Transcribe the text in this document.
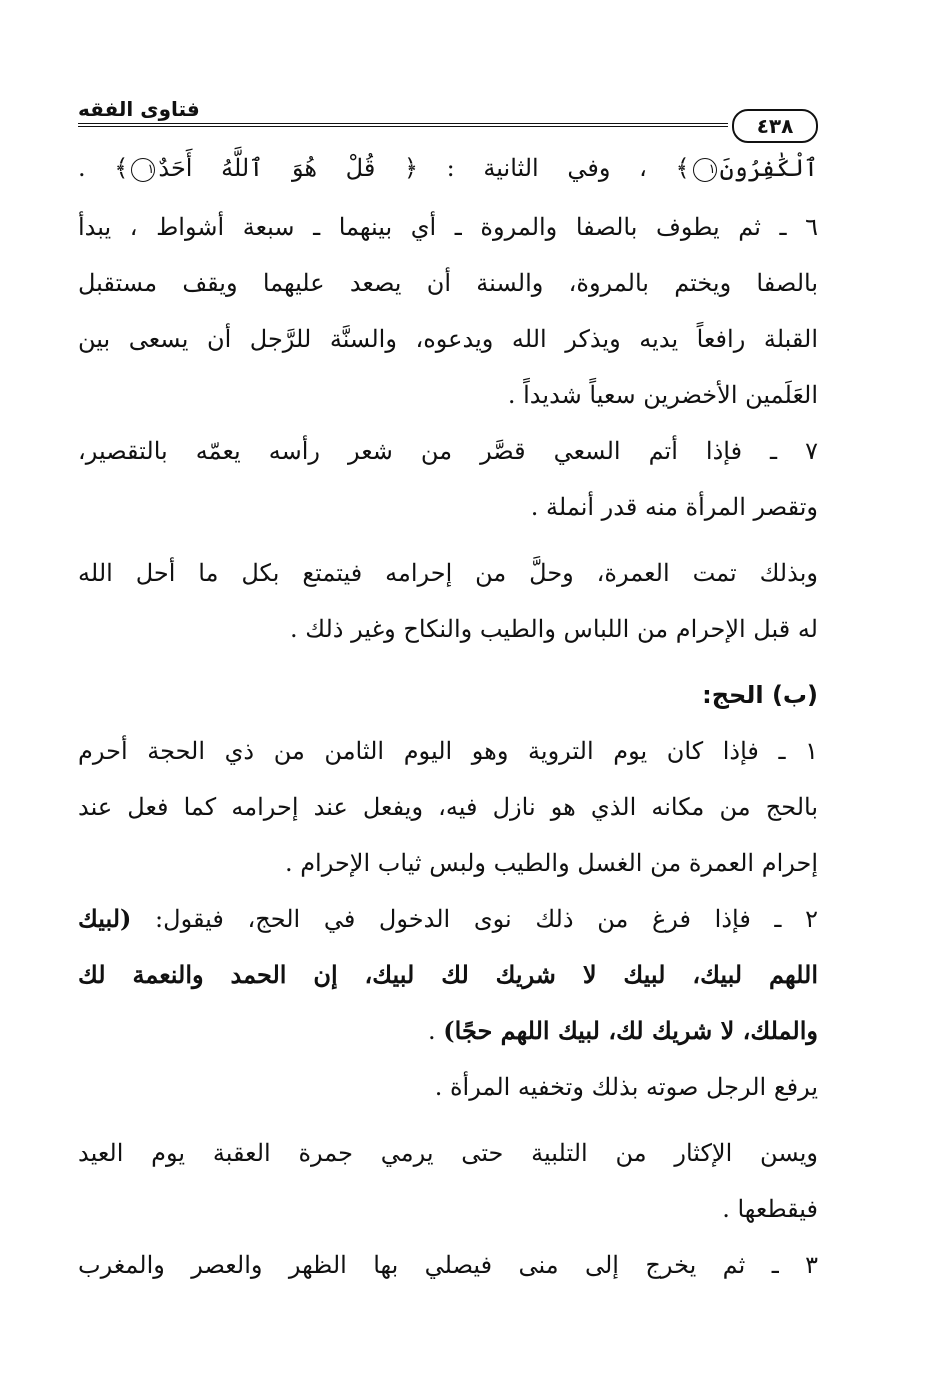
٤٣٨
فتاوى الفقه
ٱلْكَٰفِرُونَ١﴾ ، وفي الثانية : ﴿ قُلْ هُوَ ٱللَّهُ أَحَدٌ١﴾ .
٦ ـ ثم يطوف بالصفا والمروة ـ أي بينهما ـ سبعة أشواط ، يبدأ
بالصفا ويختم بالمروة، والسنة أن يصعد عليهما ويقف مستقبل
القبلة رافعاً يديه ويذكر الله ويدعوه، والسنَّة للرَّجل أن يسعى بين
العَلَمين الأخضرين سعياً شديداً .
٧ ـ فإذا أتم السعي قصَّر من شعر رأسه يعمّه بالتقصير،
وتقصر المرأة منه قدر أنملة .
وبذلك تمت العمرة، وحلَّ من إحرامه فيتمتع بكل ما أحل الله
له قبل الإحرام من اللباس والطيب والنكاح وغير ذلك .
(ب) الحج:
١ ـ فإذا كان يوم التروية وهو اليوم الثامن من ذي الحجة أحرم
بالحج من مكانه الذي هو نازل فيه، ويفعل عند إحرامه كما فعل عند
إحرام العمرة من الغسل والطيب ولبس ثياب الإحرام .
٢ ـ فإذا فرغ من ذلك نوى الدخول في الحج، فيقول: (لبيك
اللهم لبيك، لبيك لا شريك لك لبيك، إن الحمد والنعمة لك
والملك، لا شريك لك، لبيك اللهم حجًا) .
يرفع الرجل صوته بذلك وتخفيه المرأة .
ويسن الإكثار من التلبية حتى يرمي جمرة العقبة يوم العيد
فيقطعها .
٣ ـ ثم يخرج إلى منى فيصلي بها الظهر والعصر والمغرب
